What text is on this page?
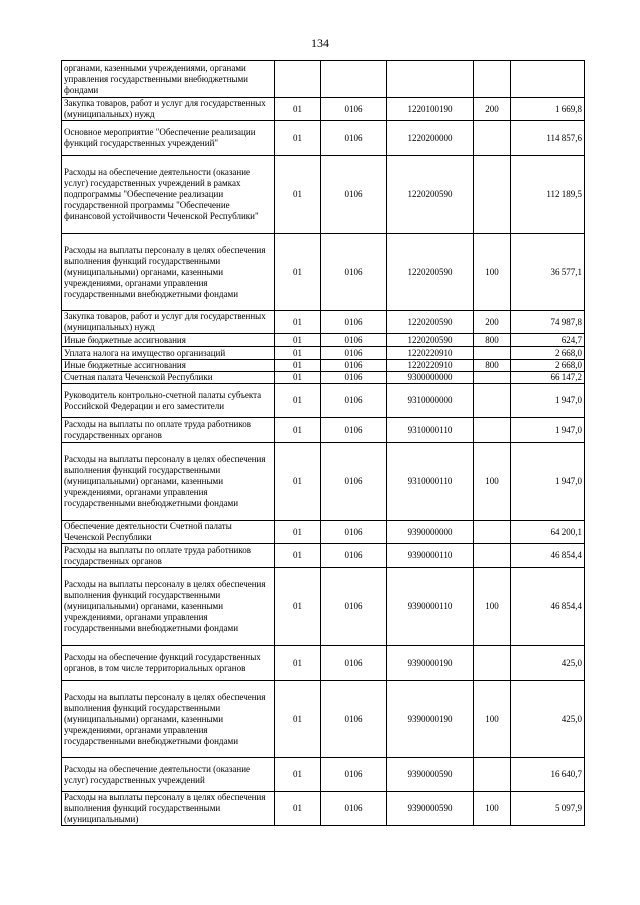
134
органами, казенными учреждениями, органами управления государственными внебюджетными фондами					
Закупка товаров, работ и услуг для государственных (муниципальных) нужд	01	0106	1220100190	200	1 669,8
Основное мероприятие "Обеспечение реализации функций государственных учреждений"	01	0106	1220200000		114 857,6
Расходы на обеспечение деятельности (оказание услуг) государственных учреждений в рамках подпрограммы "Обеспечение реализации государственной программы "Обеспечение финансовой устойчивости Чеченской Республики"	01	0106	1220200590		112 189,5
Расходы на выплаты персоналу в целях обеспечения выполнения функций государственными (муниципальными) органами, казенными учреждениями, органами управления государственными внебюджетными фондами	01	0106	1220200590	100	36 577,1
Закупка товаров, работ и услуг для государственных (муниципальных) нужд	01	0106	1220200590	200	74 987,8
Иные бюджетные ассигнования	01	0106	1220200590	800	624,7
Уплата налога на имущество организаций	01	0106	1220220910		2 668,0
Иные бюджетные ассигнования	01	0106	1220220910	800	2 668,0
Счетная палата Чеченской Республики	01	0106	9300000000		66 147,2
Руководитель контрольно-счетной палаты субъекта Российской Федерации и его заместители	01	0106	9310000000		1 947,0
Расходы на выплаты по оплате труда работников государственных органов	01	0106	9310000110		1 947,0
Расходы на выплаты персоналу в целях обеспечения выполнения функций государственными (муниципальными) органами, казенными учреждениями, органами управления государственными внебюджетными фондами	01	0106	9310000110	100	1 947,0
Обеспечение деятельности Счетной палаты Чеченской Республики	01	0106	9390000000		64 200,1
Расходы на выплаты по оплате труда работников государственных органов	01	0106	9390000110		46 854,4
Расходы на выплаты персоналу в целях обеспечения выполнения функций государственными (муниципальными) органами, казенными учреждениями, органами управления государственными внебюджетными фондами	01	0106	9390000110	100	46 854,4
Расходы на обеспечение функций государственных органов, в том числе территориальных органов	01	0106	9390000190		425,0
Расходы на выплаты персоналу в целях обеспечения выполнения функций государственными (муниципальными) органами, казенными учреждениями, органами управления государственными внебюджетными фондами	01	0106	9390000190	100	425,0
Расходы на обеспечение деятельности (оказание услуг) государственных учреждений	01	0106	9390000590		16 640,7
Расходы на выплаты персоналу в целях обеспечения выполнения функций государственными (муниципальными)	01	0106	9390000590	100	5 097,9
